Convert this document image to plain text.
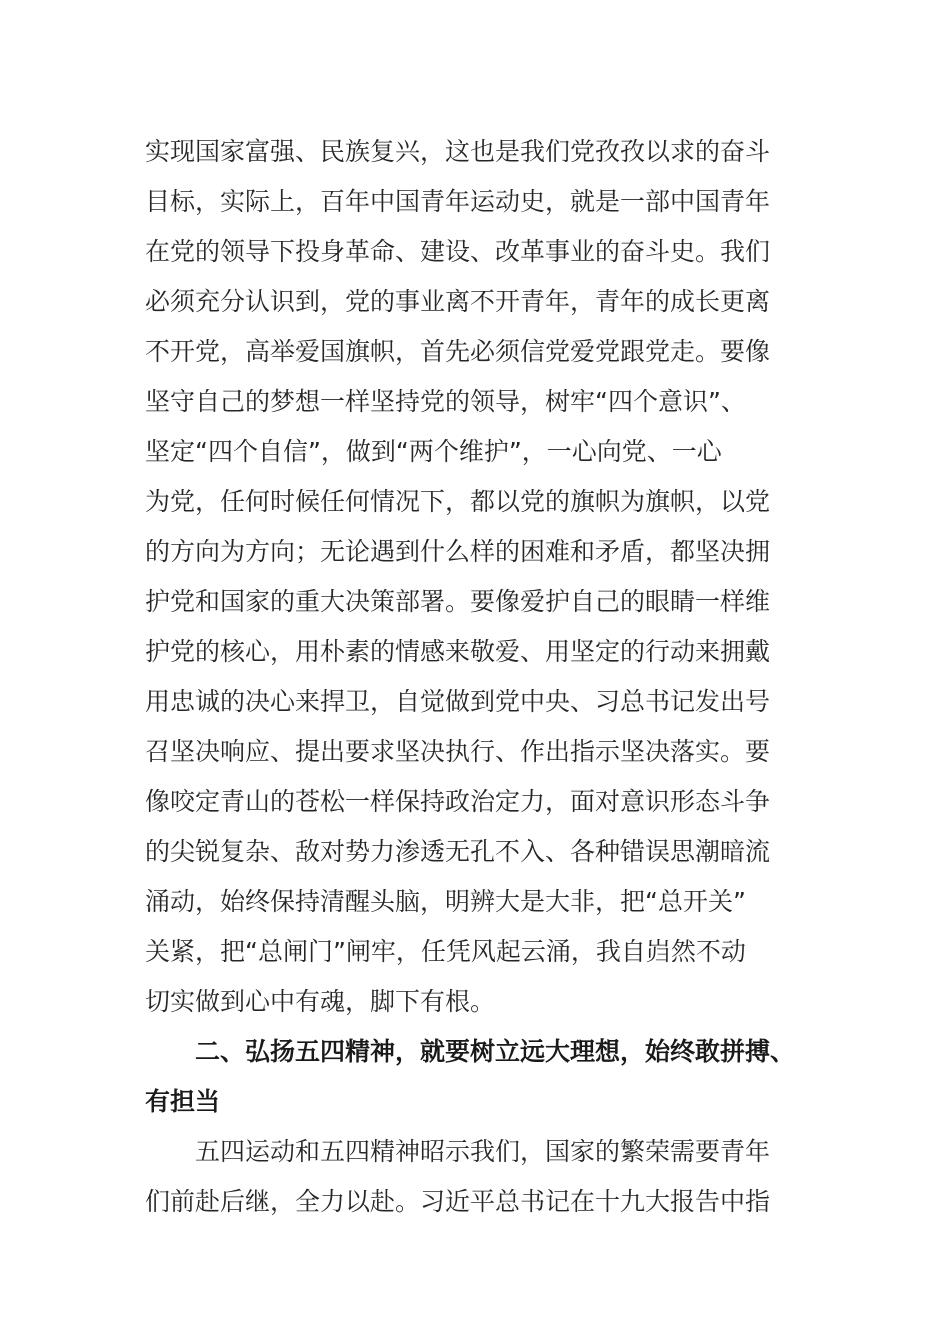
实现国家富强、民族复兴，这也是我们党孜孜以求的奋斗
目标，实际上，百年中国青年运动史，就是一部中国青年
在党的领导下投身革命、建设、改革事业的奋斗史。我们
必须充分认识到，党的事业离不开青年，青年的成长更离
不开党，高举爱国旗帜，首先必须信党爱党跟党走。要像
坚守自己的梦想一样坚持党的领导，树牢“四个意识”、
坚定“四个自信”，做到“两个维护”，一心向党、一心
为党，任何时候任何情况下，都以党的旗帜为旗帜，以党
的方向为方向；无论遇到什么样的困难和矛盾，都坚决拥
护党和国家的重大决策部署。要像爱护自己的眼睛一样维
护党的核心，用朴素的情感来敬爱、用坚定的行动来拥戴
用忠诚的决心来捍卫，自觉做到党中央、习总书记发出号
召坚决响应、提出要求坚决执行、作出指示坚决落实。要
像咬定青山的苍松一样保持政治定力，面对意识形态斗争
的尖锐复杂、敌对势力渗透无孔不入、各种错误思潮暗流
涌动，始终保持清醒头脑，明辨大是大非，把“总开关”
关紧，把“总闸门”闸牢，任凭风起云涌，我自岿然不动
切实做到心中有魂，脚下有根。
二、弘扬五四精神，就要树立远大理想，始终敢拼搏、
有担当
五四运动和五四精神昭示我们，国家的繁荣需要青年
们前赴后继，全力以赴。习近平总书记在十九大报告中指
